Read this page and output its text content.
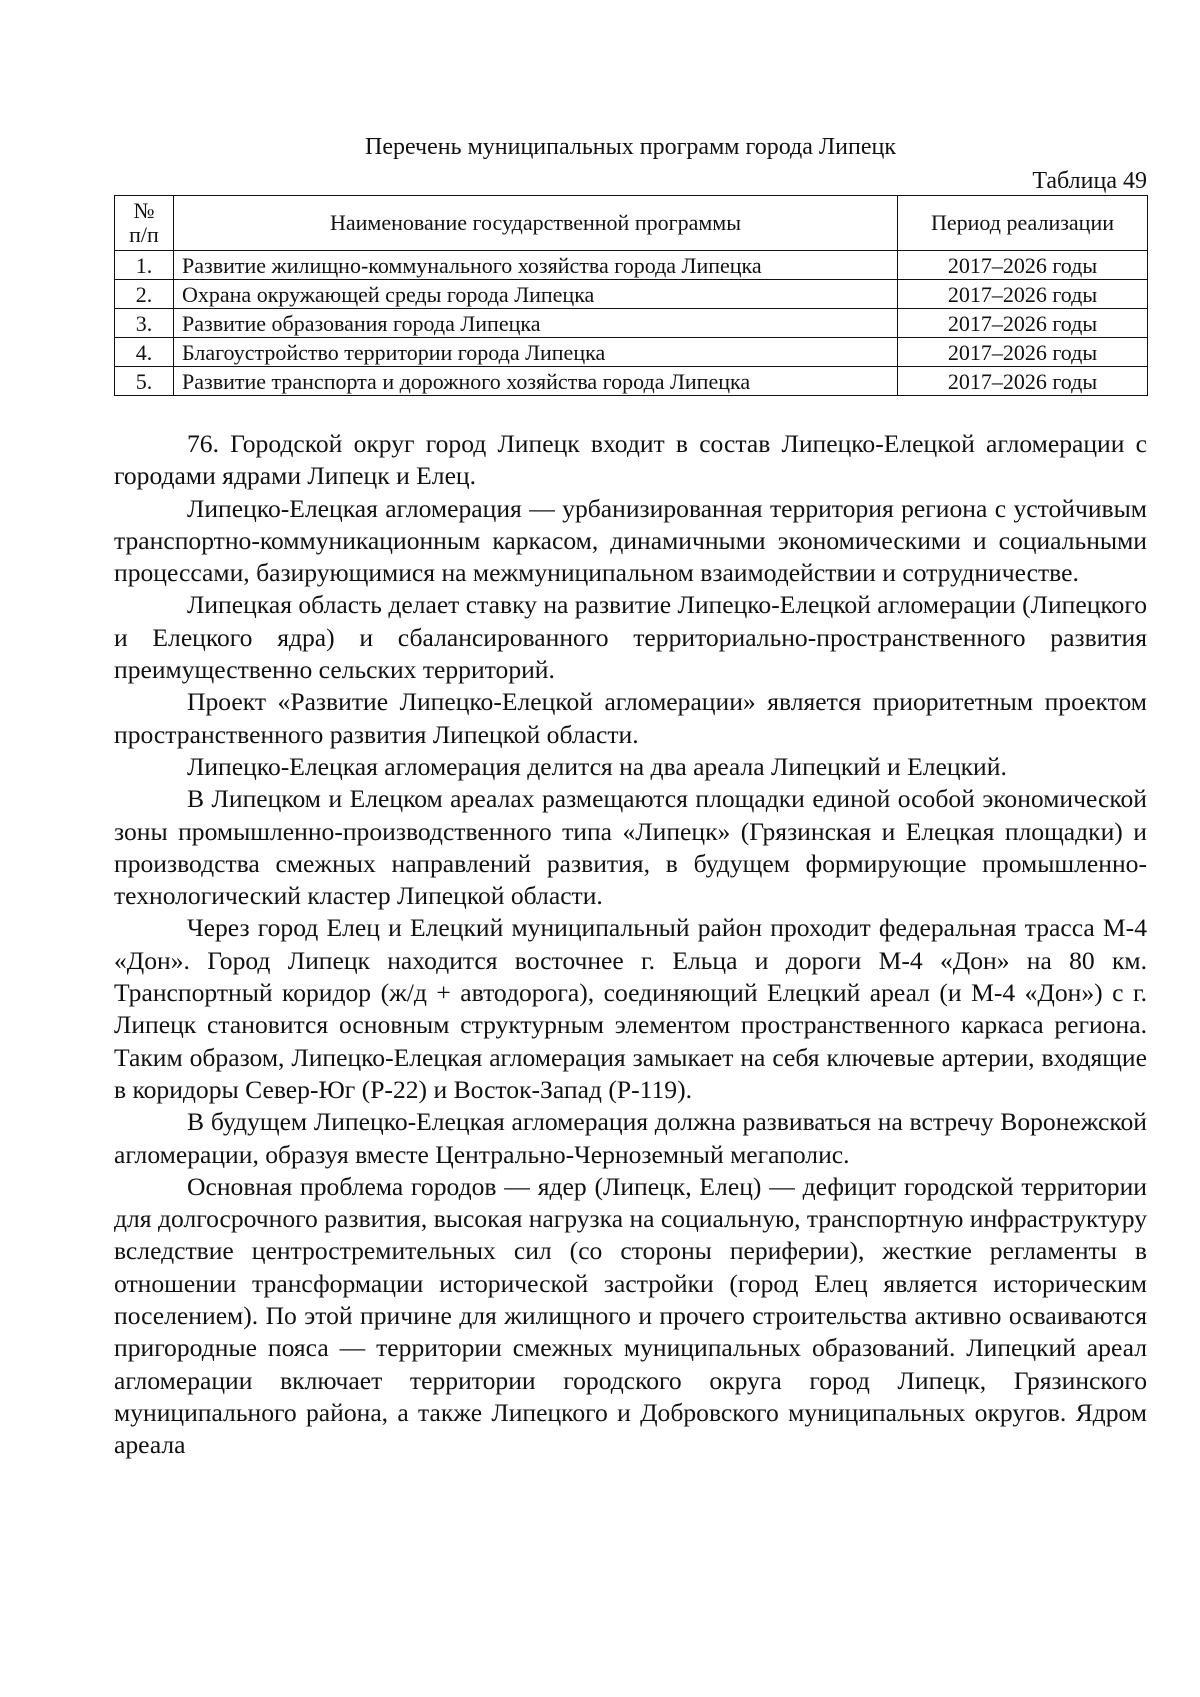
Перечень муниципальных программ города Липецк
Таблица 49
№ п/п	Наименование государственной программы	Период реализации
1.	Развитие жилищно-коммунального хозяйства города Липецка	2017–2026 годы
2.	Охрана окружающей среды города Липецка	2017–2026 годы
3.	Развитие образования города Липецка	2017–2026 годы
4.	Благоустройство территории города Липецка	2017–2026 годы
5.	Развитие транспорта и дорожного хозяйства города Липецка	2017–2026 годы

76. Городской округ город Липецк входит в состав Липецко-Елецкой агломерации с городами ядрами Липецк и Елец.

Липецко-Елецкая агломерация — урбанизированная территория региона с устойчивым транспортно-коммуникационным каркасом, динамичными экономическими и социальными процессами, базирующимися на межмуниципальном взаимодействии и сотрудничестве.

Липецкая область делает ставку на развитие Липецко-Елецкой агломерации (Липецкого и Елецкого ядра) и сбалансированного территориально-пространственного развития преимущественно сельских территорий.

Проект «Развитие Липецко-Елецкой агломерации» является приоритетным проектом пространственного развития Липецкой области.

Липецко-Елецкая агломерация делится на два ареала Липецкий и Елецкий.

В Липецком и Елецком ареалах размещаются площадки единой особой экономической зоны промышленно-производственного типа «Липецк» (Грязинская и Елецкая площадки) и производства смежных направлений развития, в будущем формирующие промышленно-технологический кластер Липецкой области.

Через город Елец и Елецкий муниципальный район проходит федеральная трасса М-4 «Дон». Город Липецк находится восточнее г. Ельца и дороги М-4 «Дон» на 80 км. Транспортный коридор (ж/д + автодорога), соединяющий Елецкий ареал (и М-4 «Дон») с г. Липецк становится основным структурным элементом пространственного каркаса региона. Таким образом, Липецко-Елецкая агломерация замыкает на себя ключевые артерии, входящие в коридоры Север-Юг (Р-22) и Восток-Запад (Р-119).

В будущем Липецко-Елецкая агломерация должна развиваться на встречу Воронежской агломерации, образуя вместе Центрально-Черноземный мегаполис.

Основная проблема городов — ядер (Липецк, Елец) — дефицит городской территории для долгосрочного развития, высокая нагрузка на социальную, транспортную инфраструктуру вследствие центростремительных сил (со стороны периферии), жесткие регламенты в отношении трансформации исторической застройки (город Елец является историческим поселением). По этой причине для жилищного и прочего строительства активно осваиваются пригородные пояса — территории смежных муниципальных образований. Липецкий ареал агломерации включает территории городского округа город Липецк, Грязинского муниципального района, а также Липецкого и Добровского муниципальных округов. Ядром ареала
